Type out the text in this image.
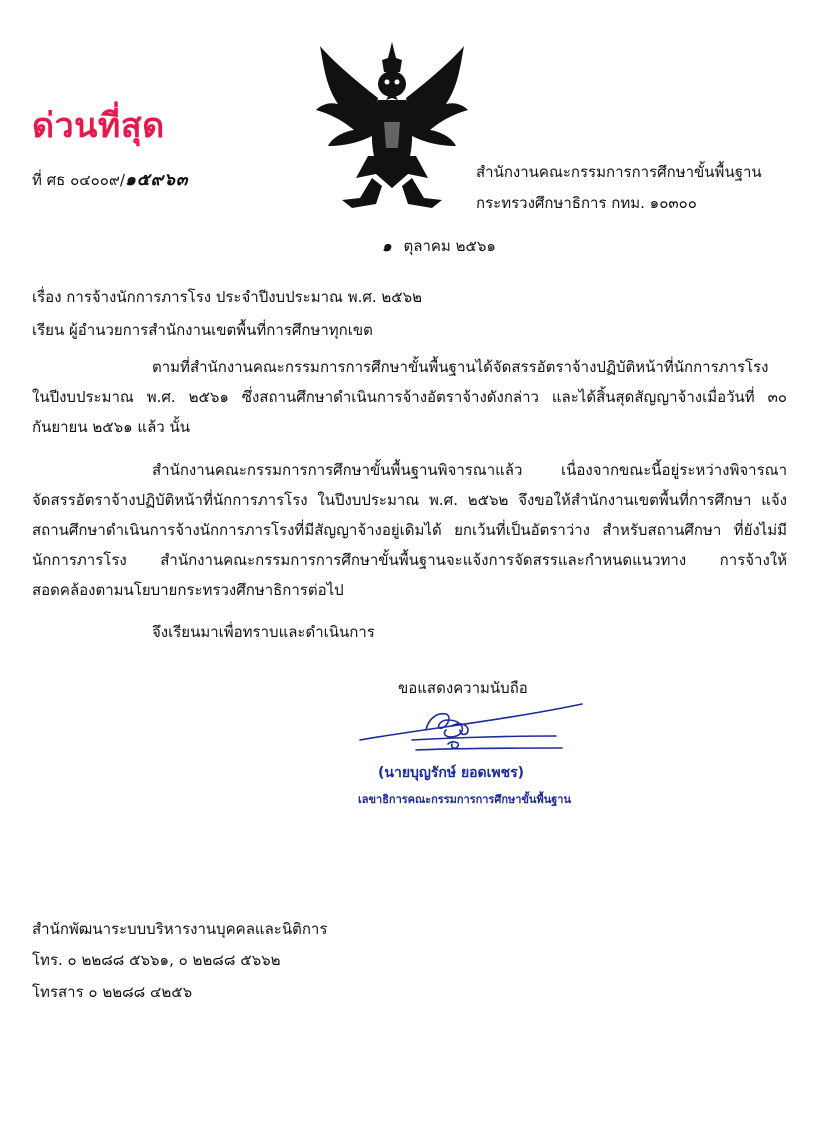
ด่วนที่สุด
ที่ ศธ ๐๔๐๐๙/๑๕๙๖๓	สำนักงานคณะกรรมการการศึกษาขั้นพื้นฐาน
กระทรวงศึกษาธิการ กทม. ๑๐๓๐๐
๑ ตุลาคม ๒๕๖๑
เรื่อง การจ้างนักการภารโรง ประจำปีงบประมาณ พ.ศ. ๒๕๖๒
เรียน ผู้อำนวยการสำนักงานเขตพื้นที่การศึกษาทุกเขต
ตามที่สำนักงานคณะกรรมการการศึกษาขั้นพื้นฐานได้จัดสรรอัตราจ้างปฏิบัติหน้าที่นักการภารโรง ในปีงบประมาณ พ.ศ. ๒๕๖๑ ซึ่งสถานศึกษาดำเนินการจ้างอัตราจ้างดังกล่าว และได้สิ้นสุดสัญญาจ้างเมื่อวันที่ ๓๐ กันยายน ๒๕๖๑ แล้ว นั้น
สำนักงานคณะกรรมการการศึกษาขั้นพื้นฐานพิจารณาแล้ว เนื่องจากขณะนี้อยู่ระหว่างพิจารณา จัดสรรอัตราจ้างปฏิบัติหน้าที่นักการภารโรง ในปีงบประมาณ พ.ศ. ๒๕๖๒ จึงขอให้สำนักงานเขตพื้นที่การศึกษา แจ้งสถานศึกษาดำเนินการจ้างนักการภารโรงที่มีสัญญาจ้างอยู่เดิมได้ ยกเว้นที่เป็นอัตราว่าง สำหรับสถานศึกษา ที่ยังไม่มีนักการภารโรง สำนักงานคณะกรรมการการศึกษาขั้นพื้นฐานจะแจ้งการจัดสรรและกำหนดแนวทาง การจ้างให้สอดคล้องตามนโยบายกระทรวงศึกษาธิการต่อไป
จึงเรียนมาเพื่อทราบและดำเนินการ
ขอแสดงความนับถือ
(นายบุญรักษ์ ยอดเพชร)
เลขาธิการคณะกรรมการการศึกษาขั้นพื้นฐาน
สำนักพัฒนาระบบบริหารงานบุคคลและนิติการ
โทร. ๐ ๒๒๘๘ ๕๖๖๑, ๐ ๒๒๘๘ ๕๖๖๒
โทรสาร ๐ ๒๒๘๘ ๔๒๕๖
